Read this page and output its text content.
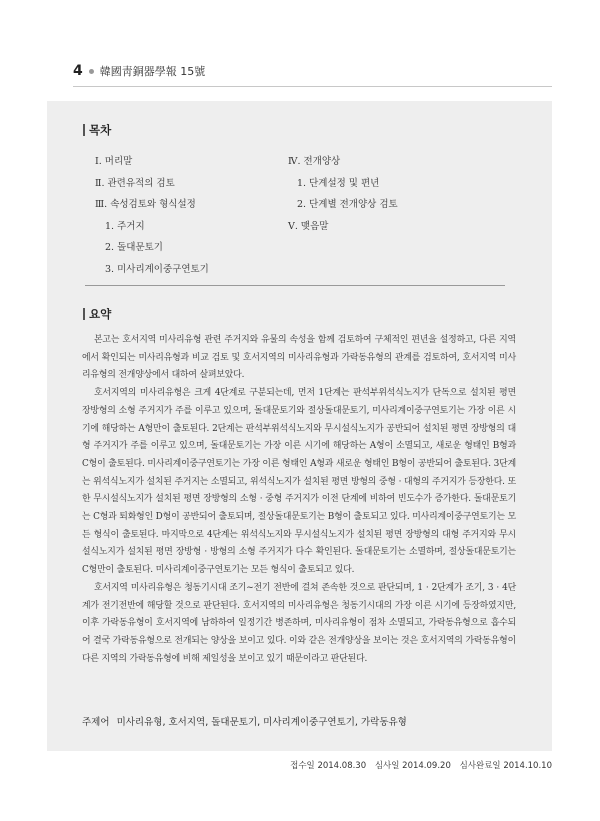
4 韓國靑銅器學報 15號
목차
Ⅰ. 머리말
Ⅱ. 관련유적의 검토
Ⅲ. 속성검토와 형식설정
1. 주거지
2. 돌대문토기
3. 미사리계이중구연토기
Ⅳ. 전개양상
1. 단계설정 및 편년
2. 단계별 전개양상 검토
Ⅴ. 맺음말
요약

본고는 호서지역 미사리유형 관련 주거지와 유물의 속성을 함께 검토하여 구체적인 편년을 설정하고, 다른 지역에서 확인되는 미사리유형과 비교 검토 및 호서지역의 미사리유형과 가락동유형의 관계를 검토하여, 호서지역 미사리유형의 전개양상에서 대하여 살펴보았다.

호서지역의 미사리유형은 크게 4단계로 구분되는데, 먼저 1단계는 판석부위석식노지가 단독으로 설치된 평면 장방형의 소형 주거지가 주를 이루고 있으며, 돌대문토기와 절상돌대문토기, 미사리계이중구연토기는 가장 이른 시기에 해당하는 A형만이 출토된다. 2단계는 판석부위석식노지와 무시설식노지가 공반되어 설치된 평면 장방형의 대형 주거지가 주를 이루고 있으며, 돌대문토기는 가장 이른 시기에 해당하는 A형이 소멸되고, 새로운 형태인 B형과 C형이 출토된다. 미사리계이중구연토기는 가장 이른 형태인 A형과 새로운 형태인 B형이 공반되어 출토된다. 3단계는 위석식노지가 설치된 주거지는 소멸되고, 위석식노지가 설치된 평면 방형의 중형 · 대형의 주거지가 등장한다. 또한 무시설식노지가 설치된 평면 장방형의 소형 · 중형 주거지가 이전 단계에 비하여 빈도수가 증가한다. 돌대문토기는 C형과 퇴화형인 D형이 공반되어 출토되며, 절상돌대문토기는 B형이 출토되고 있다. 미사리계이중구연토기는 모든 형식이 출토된다. 마지막으로 4단계는 위석식노지와 무시설식노지가 설치된 평면 장방형의 대형 주거지와 무시설식노지가 설치된 평면 장방형 · 방형의 소형 주거지가 다수 확인된다. 돌대문토기는 소멸하며, 절상돌대문토기는 C형만이 출토된다. 미사리계이중구연토기는 모든 형식이 출토되고 있다.

호서지역 미사리유형은 청동기시대 조기~전기 전반에 걸쳐 존속한 것으로 판단되며, 1 · 2단계가 조기, 3 · 4단계가 전기전반에 해당할 것으로 판단된다. 호서지역의 미사리유형은 청동기시대의 가장 이른 시기에 등장하였지만, 이후 가락동유형이 호서지역에 남하하여 일정기간 병존하며, 미사리유형이 점차 소멸되고, 가락동유형으로 흡수되어 결국 가락동유형으로 전개되는 양상을 보이고 있다. 이와 같은 전개양상을 보이는 것은 호서지역의 가락동유형이 다른 지역의 가락동유형에 비해 제일성을 보이고 있기 때문이라고 판단된다.

주제어 미사리유형, 호서지역, 돌대문토기, 미사리계이중구연토기, 가락동유형
접수일 2014.08.30 심사일 2014.09.20 심사완료일 2014.10.10
